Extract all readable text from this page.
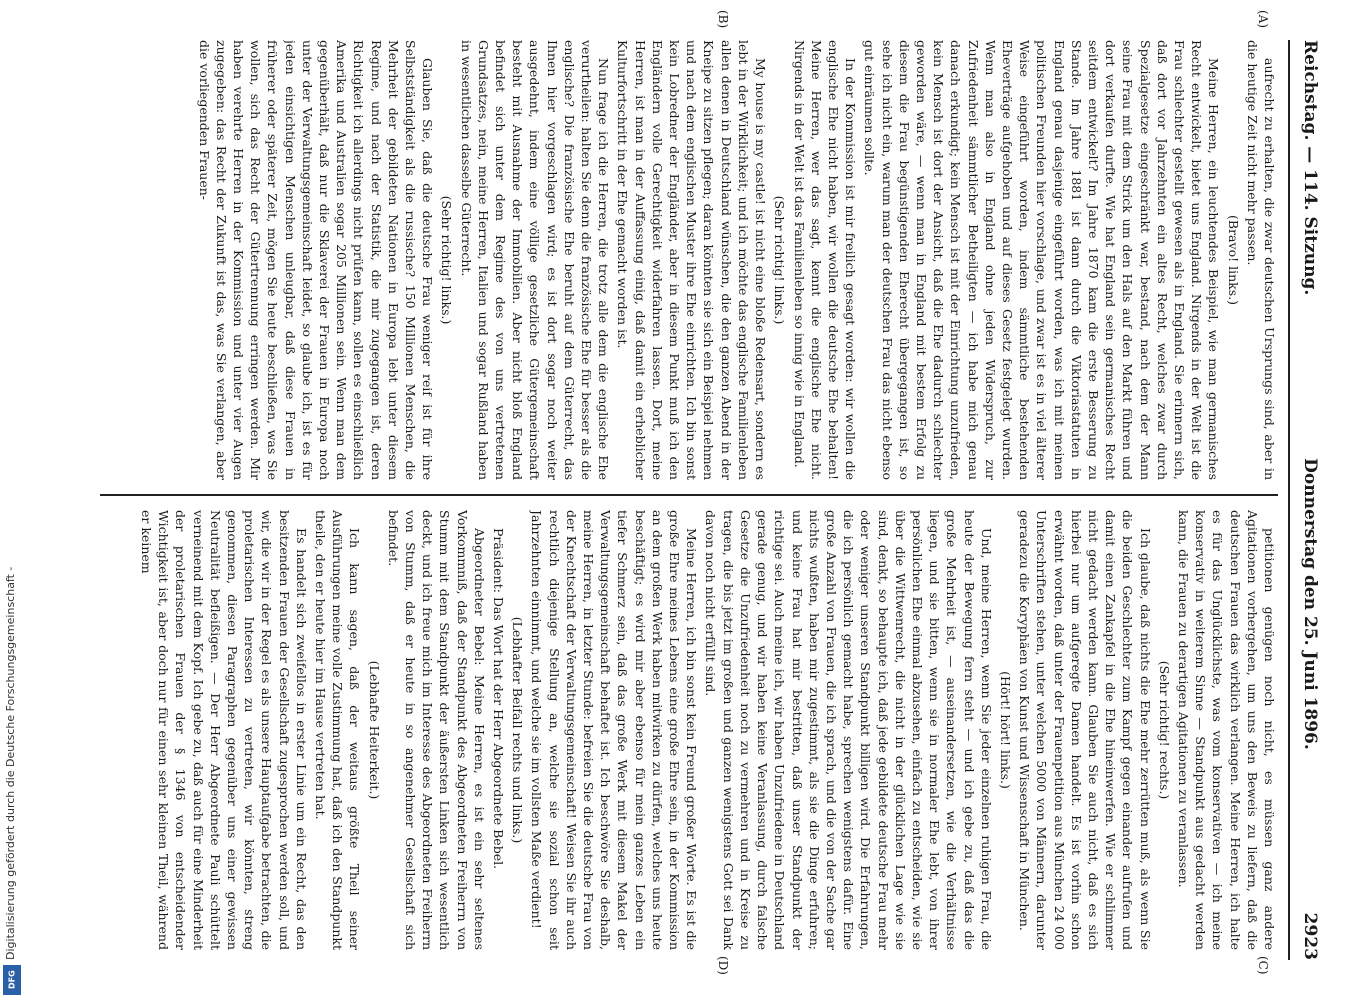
Digitalisierung gefördert durch die Deutsche Forschungsgemeinschaft -
DFG
Reichstag. — 114. Sitzung.
Donnerstag den 25. Juni 1896.
2923
(A)
(B)
(C)
(D)

aufrecht zu erhalten, die zwar deutschen Ursprungs sind, aber in die heutige Zeit nicht mehr passen.

(Bravo! links.)

Meine Herren, ein leuchtendes Beispiel, wie man germanisches Recht entwickelt, bietet uns England. Nirgends in der Welt ist die Frau schlechter gestellt gewesen als in England. Sie erinnern sich, daß dort vor Jahrzehnten ein altes Recht, welches zwar durch Spezialgesetze eingeschränkt war, bestand, nach dem der Mann seine Frau mit dem Strick um den Hals auf den Markt führen und dort verkaufen durfte. Wie hat England sein germanisches Recht seitdem entwickelt? Im Jahre 1870 kam die erste Besserung zu Stande. Im Jahre 1881 ist dann durch die Viktoriastatuten in England genau dasjenige eingeführt worden, was ich mit meinen politischen Freunden hier vorschlage, und zwar ist es in viel älterer Weise eingeführt worden, indem sämmtliche bestehenden Eheverträge aufgehoben und auf dieses Gesetz festgelegt wurden. Wenn man also in England ohne jeden Widerspruch, zur Zufriedenheit sämmtlicher Betheiligten — ich habe mich genau danach erkundigt; kein Mensch ist mit der Einrichtung unzufrieden, kein Mensch ist dort der Ansicht, daß die Ehe dadurch schlechter geworden wäre, — wenn man in England mit bestem Erfolg zu diesem die Frau begünstigenden Eherecht übergegangen ist, so sehe ich nicht ein, warum man der deutschen Frau das nicht ebenso gut einräumen sollte.

In der Kommission ist mir freilich gesagt worden: wir wollen die englische Ehe nicht haben, wir wollen die deutsche Ehe behalten! Meine Herren, wer das sagt, kennt die englische Ehe nicht. Nirgends in der Welt ist das Familienleben so innig wie in England.

(Sehr richtig! links.)

My house is my castle! ist nicht eine bloße Redensart, sondern es lebt in der Wirklichkeit; und ich möchte das englische Familienleben allen denen in Deutschland wünschen, die den ganzen Abend in der Kneipe zu sitzen pflegen; daran könnten sie sich ein Beispiel nehmen und nach dem englischen Muster ihre Ehe einrichten. Ich bin sonst kein Lobredner der Engländer, aber in diesem Punkt muß ich den Engländern volle Gerechtigkeit widerfahren lassen. Dort, meine Herren, ist man in der Auffassung einig, daß damit ein erheblicher Kulturfortschritt in der Ehe gemacht worden ist.

Nun frage ich die Herren, die trotz alle dem die englische Ehe verurtheilen: halten Sie denn die französische Ehe für besser als die englische? Die französische Ehe beruht auf dem Güterrecht, das Ihnen hier vorgeschlagen wird; es ist dort sogar noch weiter ausgedehnt, indem eine völlige gesetzliche Gütergemeinschaft besteht mit Ausnahme der Immobilien. Aber nicht bloß England befindet sich unter dem Regime des von uns vertretenen Grundsatzes, nein, meine Herren, Italien und sogar Rußland haben in wesentlichen dasselbe Güterrecht.

(Sehr richtig! links.)

Glauben Sie, daß die deutsche Frau weniger reif ist für ihre Selbstständigkeit als die russische? 150 Millionen Menschen, die Mehrheit der gebildeten Nationen in Europa lebt unter diesem Regime, und nach der Statistik, die mir zugegangen ist, deren Richtigkeit ich allerdings nicht prüfen kann, sollen es einschließlich Amerika und Australien sogar 205 Millionen sein. Wenn man dem gegenüberhält, daß nur die Sklaverei der Frauen in Europa noch unter der Verwaltungsgemeinschaft leidet, so glaube ich, ist es für jeden einsichtigen Menschen unleugbar, daß diese Frauen in früherer oder späterer Zeit, mögen Sie heute beschließen, was Sie wollen, sich das Recht der Gütertrennung erringen werden. Mir haben verehrte Herren in der Kommission und unter vier Augen zugegeben: das Recht der Zukunft ist das, was Sie verlangen, aber die vorliegenden Frauen-

petitionen genügen noch nicht, es müssen ganz andere Agitationen vorhergehen, um uns den Beweis zu liefern, daß die deutschen Frauen das wirklich verlangen. Meine Herren, ich halte es für das Unglücklichste, was vom konservativen — ich meine konservativ in weiterem Sinne — Standpunkt aus gedacht werden kann, die Frauen zu derartigen Agitationen zu veranlassen.

(Sehr richtig! rechts.)

Ich glaube, daß nichts die Ehe mehr zerrütten muß, als wenn Sie die beiden Geschlechter zum Kampf gegen einander aufrufen und damit einen Zankapfel in die Ehe hineinwerfen. Wie er schlimmer nicht gedacht werden kann. Glauben Sie auch nicht, daß es sich hierbei nur um aufgeregte Damen handelt. Es ist vorhin schon erwähnt worden, daß unter der Frauenpetition aus München 24 000 Unterschriften stehen, unter welchen 5000 von Männern, darunter geradezu die Koryphäen von Kunst und Wissenschaft in München.

(Hört! hört! links.)

Und, meine Herren, wenn Sie jeder einzelnen ruhigen Frau, die heute der Bewegung fern steht — und ich gebe zu, daß das die große Mehrheit ist, — auseinandersetzen, wie die Verhältnisse liegen, und sie bitten, wenn sie in normaler Ehe lebt, von ihrer persönlichen Ehe einmal abzusehen, einfach zu entscheiden, wie sie über die Wittwenrecht, die nicht in der glücklichen Lage wie sie sind, denkt, so behaupte ich, daß jede gebildete deutsche Frau mehr oder weniger unseren Standpunkt billigen wird. Die Erfahrungen, die ich persönlich gemacht habe, sprechen wenigstens dafür. Eine große Anzahl von Frauen, die ich sprach, und die von der Sache gar nichts wußten, haben mir zugestimmt, als sie die Dinge erfuhren; und keine Frau hat mir bestritten, daß unser Standpunkt der richtige sei. Auch meine ich, wir haben Unzufriedene in Deutschland gerade genug, und wir haben keine Veranlassung, durch falsche Gesetze die Unzufriedenheit noch zu vermehren und in Kreise zu tragen, die bis jetzt im großen und ganzen wenigstens Gott sei Dank davon noch nicht erfüllt sind.

Meine Herren, ich bin sonst kein Freund großer Worte. Es ist die große Ehre meines Lebens eine große Ehre sein, in der Kommission an dem großen Werk haben mitwirken zu dürfen, welches uns heute beschäftigt; es wird mir aber ebenso für mein ganzes Leben ein tiefer Schmerz sein, daß das große Werk mit diesem Makel der Verwaltungsgemeinschaft behaftet ist. Ich beschwöre Sie deshalb, meine Herren, in letzter Stunde: befreien Sie die deutsche Frau von der Knechtschaft der Verwaltungsgemeinschaft! Weisen Sie ihr auch rechtlich diejenige Stellung an, welche sie sozial schon seit Jahrzehnten einnimmt, und welche sie im vollsten Maße verdient!

(Lebhafter Beifall rechts und links.)

Präsident: Das Wort hat der Herr Abgeordnete Bebel.

Abgeordneter Bebel: Meine Herren, es ist ein sehr seltenes Vorkommniß, daß der Standpunkt des Abgeordneten Freiherrn von Stumm mit dem Standpunkt der äußersten Linken sich wesentlich deckt, und ich freue mich im Interesse des Abgeordneten Freiherrn von Stumm, daß er heute in so angenehmer Gesellschaft sich befindet.

(Lebhafte Heiterkeit.)

Ich kann sagen, daß der weitaus größte Theil seiner Ausführungen meine volle Zustimmung hat, daß ich den Standpunkt theile, den er heute hier im Hause vertreten hat.

Es handelt sich zweifellos in erster Linie um ein Recht, das den besitzenden Frauen der Gesellschaft zugesprochen werden soll, und wir, die wir in der Regel es als unsere Hauptaufgabe betrachten, die proletarischen Interessen zu vertreten, wir könnten, streng genommen, diesen Paragraphen gegenüber uns einer gewissen Neutralität befleißigen. — Der Herr Abgeordnete Pauli schüttelt verneinend mit dem Kopf. Ich gebe zu, daß auch für eine Minderheit der proletarischen Frauen der § 1346 von entscheidender Wichtigkeit ist, aber doch nur für einen sehr kleinen Theil, während er keinem
